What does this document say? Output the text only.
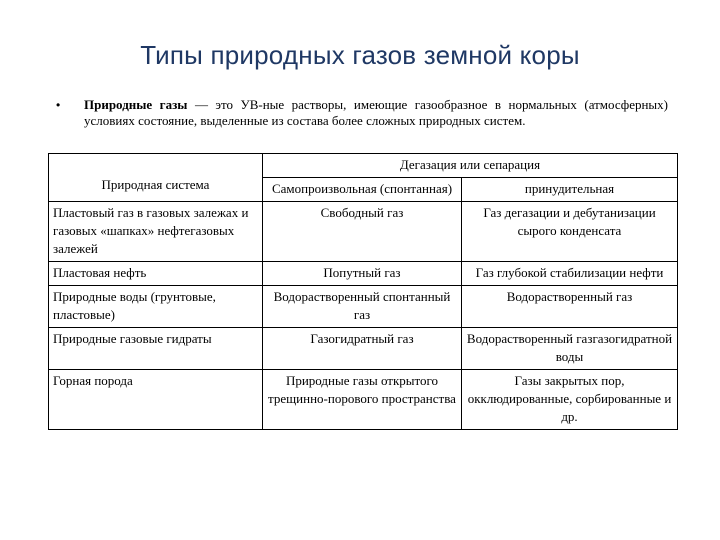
Типы природных газов земной коры
• Природные газы — это УВ-ные растворы, имеющие газообразное в нормальных (атмосферных) условиях состояние, выделенные из состава более сложных природных систем.
Природная система	Дегазация или сепарация	
	Самопроизвольная (спонтанная)	принудительная
Пластовый газ в газовых залежах и газовых «шапках» нефтегазовых залежей	Свободный газ	Газ дегазации и дебутанизации сырого конденсата
Пластовая нефть	Попутный газ	Газ глубокой стабилизации нефти
Природные воды (грунтовые, пластовые)	Водорастворенный спонтанный газ	Водорастворенный газ
Природные газовые гидраты	Газогидратный газ	Водорастворенный газгазогидратной воды
Горная порода	Природные газы открытого трещинно-порового пространства	Газы закрытых пор, окклюдированные, сорбированные и др.
